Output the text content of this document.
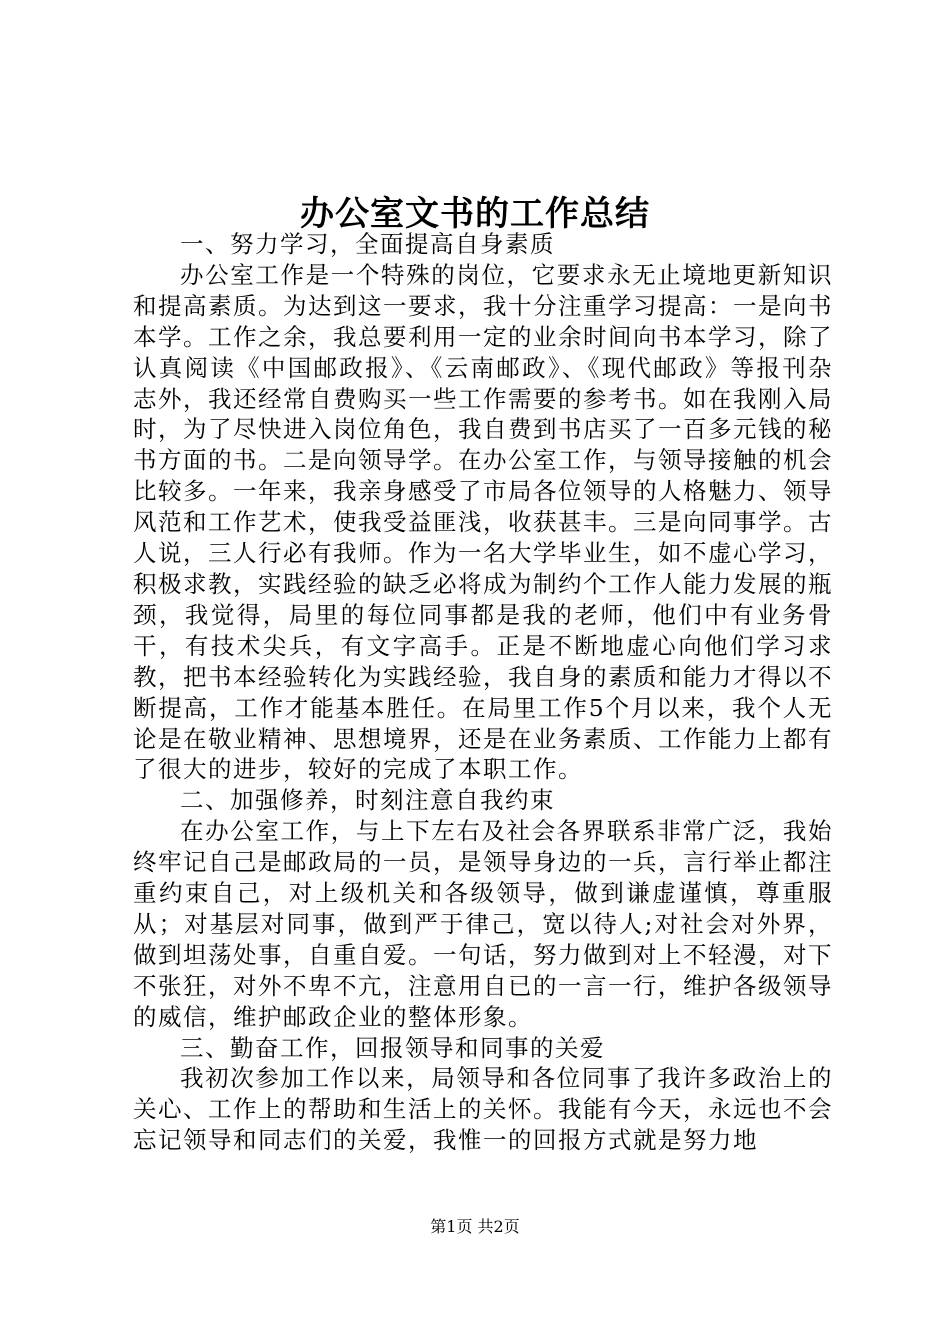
办公室文书的工作总结

一、努力学习，全面提高自身素质

办公室工作是一个特殊的岗位，它要求永无止境地更新知识和提高素质。为达到这一要求，我十分注重学习提高：一是向书本学。工作之余，我总要利用一定的业余时间向书本学习，除了认真阅读《中国邮政报》、《云南邮政》、《现代邮政》等报刊杂志外，我还经常自费购买一些工作需要的参考书。如在我刚入局时，为了尽快进入岗位角色，我自费到书店买了一百多元钱的秘书方面的书。二是向领导学。在办公室工作，与领导接触的机会比较多。一年来，我亲身感受了市局各位领导的人格魅力、领导风范和工作艺术，使我受益匪浅，收获甚丰。三是向同事学。古人说，三人行必有我师。作为一名大学毕业生，如不虚心学习，积极求教，实践经验的缺乏必将成为制约个工作人能力发展的瓶颈，我觉得，局里的每位同事都是我的老师，他们中有业务骨干，有技术尖兵，有文字高手。正是不断地虚心向他们学习求教，把书本经验转化为实践经验，我自身的素质和能力才得以不断提高，工作才能基本胜任。在局里工作5个月以来，我个人无论是在敬业精神、思想境界，还是在业务素质、工作能力上都有了很大的进步，较好的完成了本职工作。

二、加强修养，时刻注意自我约束

在办公室工作，与上下左右及社会各界联系非常广泛，我始终牢记自己是邮政局的一员，是领导身边的一兵，言行举止都注重约束自己，对上级机关和各级领导，做到谦虚谨慎，尊重服从；对基层对同事，做到严于律己，宽以待人;对社会对外界，做到坦荡处事，自重自爱。一句话，努力做到对上不轻漫，对下不张狂，对外不卑不亢，注意用自已的一言一行，维护各级领导的威信，维护邮政企业的整体形象。

三、勤奋工作，回报领导和同事的关爱

我初次参加工作以来，局领导和各位同事了我许多政治上的关心、工作上的帮助和生活上的关怀。我能有今天，永远也不会忘记领导和同志们的关爱，我惟一的回报方式就是努力地

第1页 共2页
